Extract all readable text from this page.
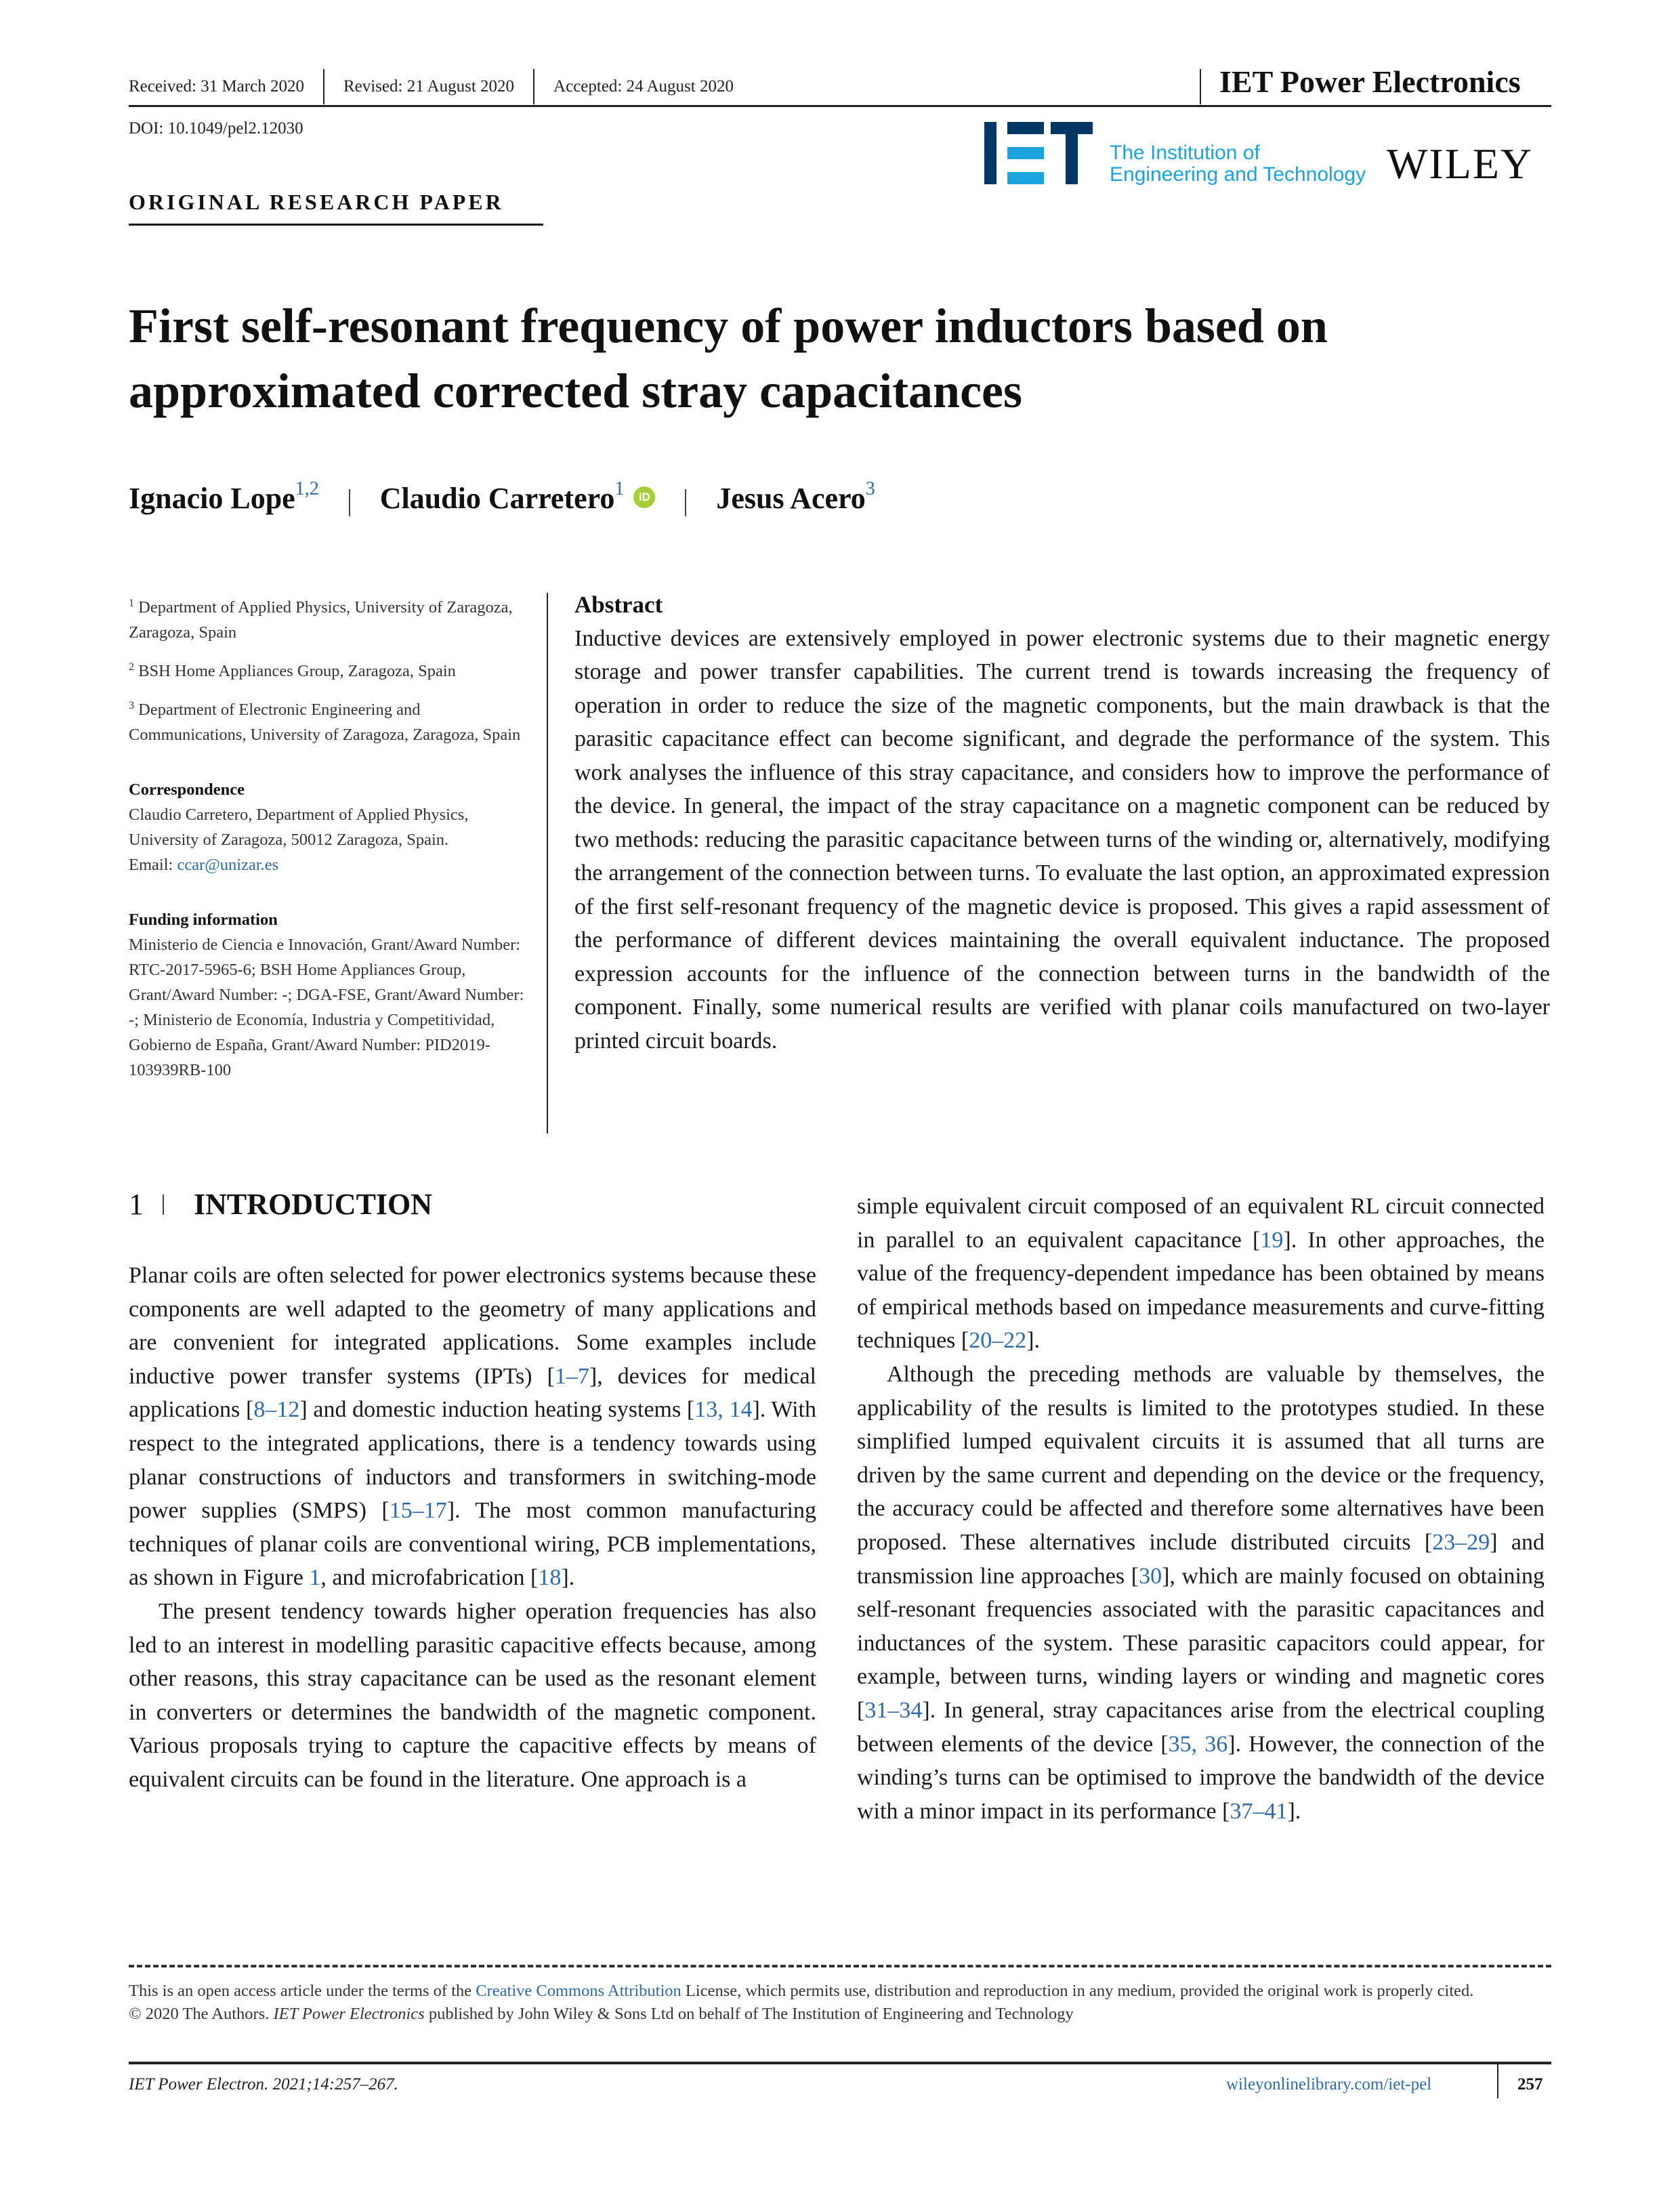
Received: 31 March 2020 Revised: 21 August 2020 Accepted: 24 August 2020	IET Power Electronics
DOI: 10.1049/pel2.12030
The Institution of
Engineering and Technology WILEY
ORIGINAL RESEARCH PAPER
First self-resonant frequency of power inductors based on approximated corrected stray capacitances
Ignacio Lope$^{1,2}$ Claudio Carretero$^1$	iD Jesus Acero$^3$

$^1$ Department of Applied Physics, University of Zaragoza, Zaragoza, Spain

$^2$ BSH Home Appliances Group, Zaragoza, Spain

$^3$ Department of Electronic Engineering and Communications, University of Zaragoza, Zaragoza, Spain

Correspondence

Claudio Carretero, Department of Applied Physics, University of Zaragoza, 50012 Zaragoza, Spain.
Email: ccar@unizar.es

Funding information

Ministerio de Ciencia e Innovación, Grant/Award Number: RTC-2017-5965-6; BSH Home Appliances Group, Grant/Award Number: -; DGA-FSE, Grant/Award Number: -; Ministerio de Economía, Industria y Competitividad, Gobierno de España, Grant/Award Number: PID2019-103939RB-100

Abstract
Inductive devices are extensively employed in power electronic systems due to their magnetic energy storage and power transfer capabilities. The current trend is towards increasing the frequency of operation in order to reduce the size of the magnetic components, but the main drawback is that the parasitic capacitance effect can become significant, and degrade the performance of the system. This work analyses the influence of this stray capacitance, and considers how to improve the performance of the device. In general, the impact of the stray capacitance on a magnetic component can be reduced by two methods: reducing the parasitic capacitance between turns of the winding or, alternatively, modifying the arrangement of the connection between turns. To evaluate the last option, an approximated expression of the first self-resonant frequency of the magnetic device is proposed. This gives a rapid assessment of the performance of different devices maintaining the overall equivalent inductance. The proposed expression accounts for the influence of the connection between turns in the bandwidth of the component. Finally, some numerical results are verified with planar coils manufactured on two-layer printed circuit boards.
1 INTRODUCTION

Planar coils are often selected for power electronics systems because these components are well adapted to the geometry of many applications and are convenient for integrated applications. Some examples include inductive power transfer systems (IPTs) [1–7], devices for medical applications [8–12] and domestic induction heating systems [13, 14]. With respect to the integrated applications, there is a tendency towards using planar constructions of inductors and transformers in switching-mode power supplies (SMPS) [15–17]. The most common manufacturing techniques of planar coils are conventional wiring, PCB implementations, as shown in Figure 1, and microfabrication [18].

The present tendency towards higher operation frequencies has also led to an interest in modelling parasitic capacitive effects because, among other reasons, this stray capacitance can be used as the resonant element in converters or determines the bandwidth of the magnetic component. Various proposals trying to capture the capacitive effects by means of equivalent circuits can be found in the literature. One approach is a

simple equivalent circuit composed of an equivalent RL circuit connected in parallel to an equivalent capacitance [19]. In other approaches, the value of the frequency-dependent impedance has been obtained by means of empirical methods based on impedance measurements and curve-fitting techniques [20–22].

Although the preceding methods are valuable by themselves, the applicability of the results is limited to the prototypes studied. In these simplified lumped equivalent circuits it is assumed that all turns are driven by the same current and depending on the device or the frequency, the accuracy could be affected and therefore some alternatives have been proposed. These alternatives include distributed circuits [23–29] and transmission line approaches [30], which are mainly focused on obtaining self-resonant frequencies associated with the parasitic capacitances and inductances of the system. These parasitic capacitors could appear, for example, between turns, winding layers or winding and magnetic cores [31–34]. In general, stray capacitances arise from the electrical coupling between elements of the device [35, 36]. However, the connection of the winding’s turns can be optimised to improve the bandwidth of the device with a minor impact in its performance [37–41].

This is an open access article under the terms of the Creative Commons Attribution License, which permits use, distribution and reproduction in any medium, provided the original work is properly cited.
© 2020 The Authors. IET Power Electronics published by John Wiley & Sons Ltd on behalf of The Institution of Engineering and Technology
IET Power Electron. 2021;14:257–267.	wileyonlinelibrary.com/iet-pel	257
